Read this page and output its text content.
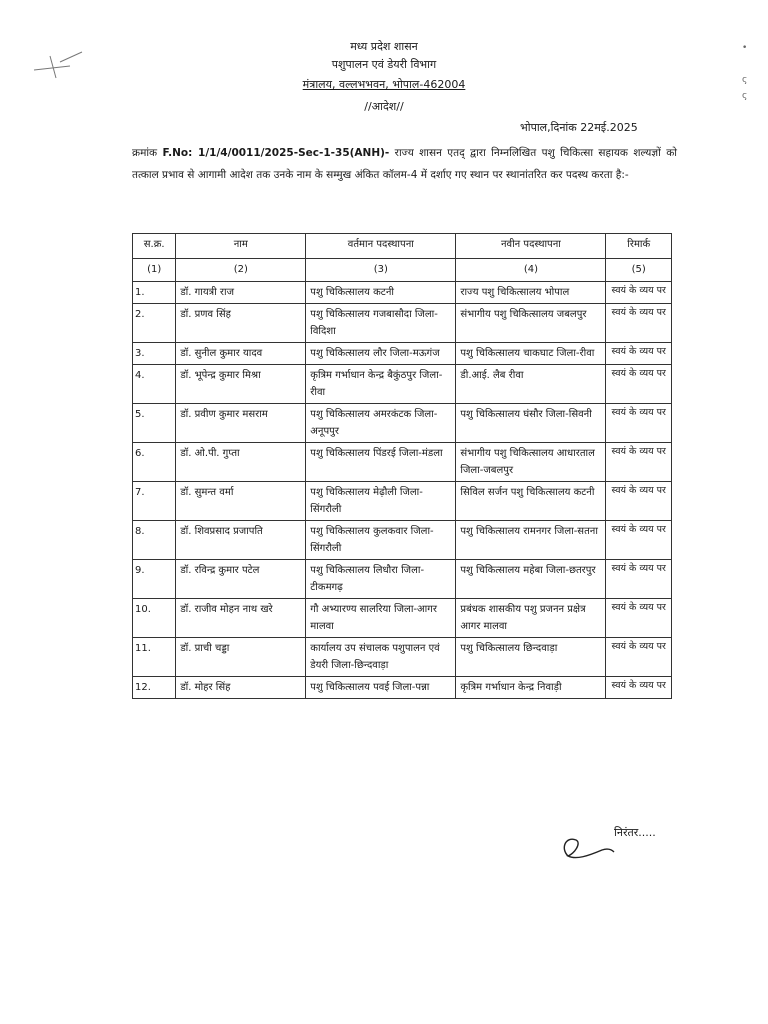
•

ς
ς
मध्य प्रदेश शासन
पशुपालन एवं डेयरी विभाग
मंत्रालय, वल्लभभवन, भोपाल-462004
//आदेश//
भोपाल,दिनांक 22मई.2025
क्रमांक F.No: 1/1/4/0011/2025-Sec-1-35(ANH)- राज्य शासन एतद् द्वारा निम्नलिखित पशु चिकित्सा सहायक शल्यज्ञों को तत्काल प्रभाव से आगामी आदेश तक उनके नाम के सम्मुख अंकित कॉलम-4 में दर्शाए गए स्थान पर स्थानांतरित कर पदस्थ करता है:-
स.क्र.	नाम	वर्तमान पदस्थापना	नवीन पदस्थापना	रिमार्क
(1)	(2)	(3)	(4)	(5)
1.	डॉ. गायत्री राज	पशु चिकित्सालय कटनी	राज्य पशु चिकित्सालय भोपाल	स्वयं के व्यय पर
2.	डॉ. प्रणव सिंह	पशु चिकित्सालय गजबासौदा जिला-विदिशा	संभागीय पशु चिकित्सालय जबलपुर	स्वयं के व्यय पर
3.	डॉ. सुनील कुमार यादव	पशु चिकित्सालय लौर जिला-मऊगंज	पशु चिकित्सालय चाकघाट जिला-रीवा	स्वयं के व्यय पर
4.	डॉ. भूपेन्द्र कुमार मिश्रा	कृत्रिम गर्भाधान केन्द्र बैकुंठपुर जिला-रीवा	डी.आई. लैब रीवा	स्वयं के व्यय पर
5.	डॉ. प्रवीण कुमार मसराम	पशु चिकित्सालय अमरकंटक जिला-अनूपपुर	पशु चिकित्सालय घंसौर जिला-सिवनी	स्वयं के व्यय पर
6.	डॉ. ओ.पी. गुप्ता	पशु चिकित्सालय पिंडरई जिला-मंडला	संभागीय पशु चिकित्सालय आधारताल जिला-जबलपुर	स्वयं के व्यय पर
7.	डॉ. सुमन्त वर्मा	पशु चिकित्सालय मेढ़ौली जिला-सिंगरौली	सिविल सर्जन पशु चिकित्सालय कटनी	स्वयं के व्यय पर
8.	डॉ. शिवप्रसाद प्रजापति	पशु चिकित्सालय कुलकवार जिला-सिंगरौली	पशु चिकित्सालय रामनगर जिला-सतना	स्वयं के व्यय पर
9.	डॉ. रविन्द्र कुमार पटेल	पशु चिकित्सालय लिधौरा जिला-टीकमगढ़	पशु चिकित्सालय महेबा जिला-छतरपुर	स्वयं के व्यय पर
10.	डॉ. राजीव मोहन नाथ खरे	गौ अभ्यारण्य सालरिया जिला-आगर मालवा	प्रबंधक शासकीय पशु प्रजनन प्रक्षेत्र आगर मालवा	स्वयं के व्यय पर
11.	डॉ. प्राची चड्डा	कार्यालय उप संचालक पशुपालन एवं डेयरी जिला-छिन्दवाड़ा	पशु चिकित्सालय छिन्दवाड़ा	स्वयं के व्यय पर
12.	डॉ. मोहर सिंह	पशु चिकित्सालय पवई जिला-पन्ना	कृत्रिम गर्भाधान केन्द्र निवाड़ी	स्वयं के व्यय पर
निरंतर.....
